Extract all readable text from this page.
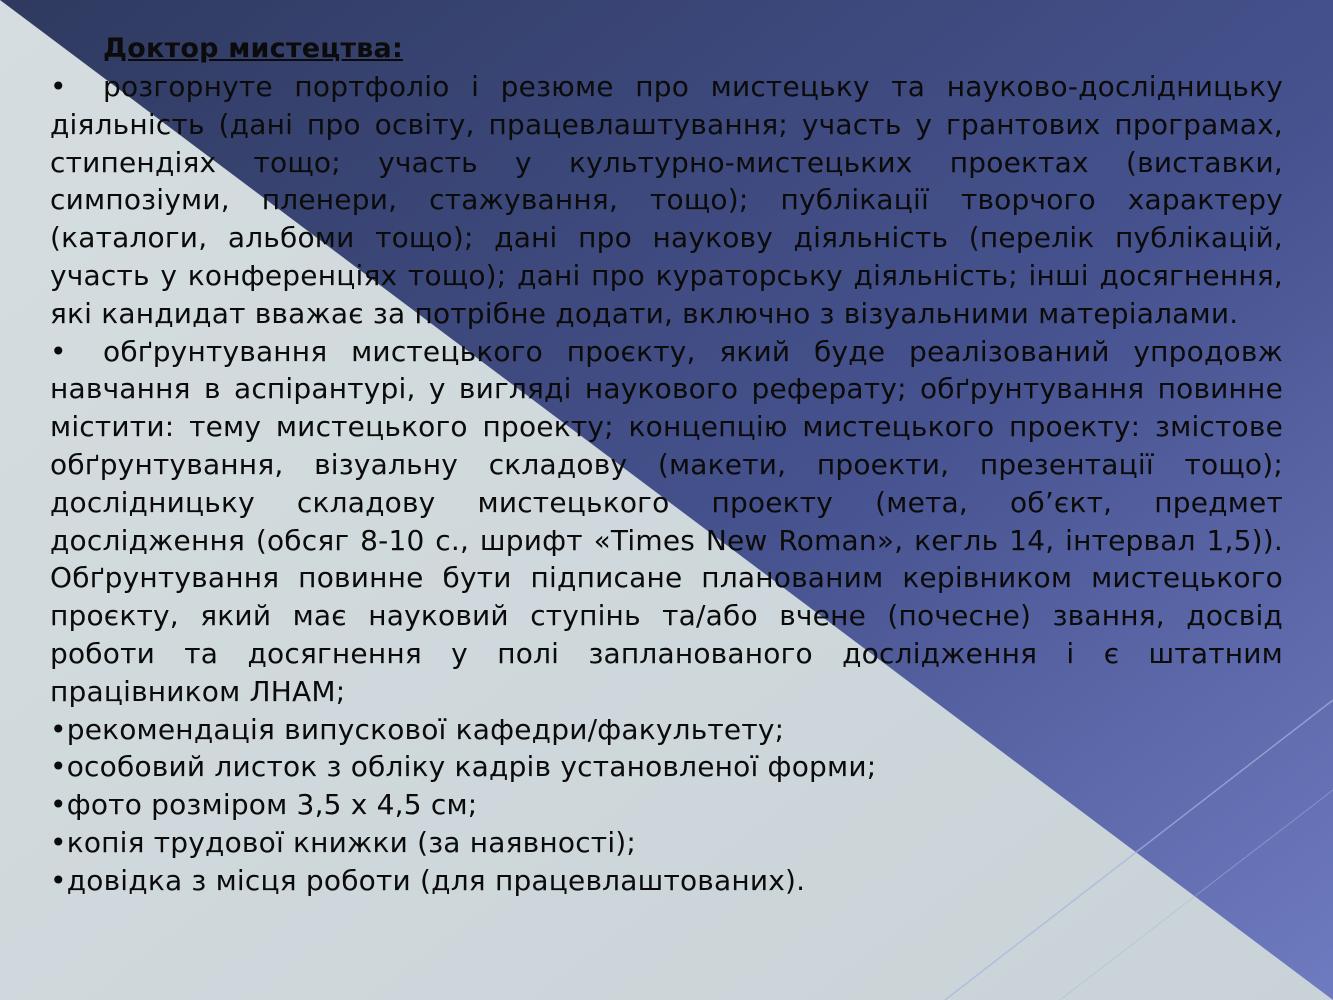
Доктор мистецтва:

• розгорнуте портфоліо і резюме про мистецьку та науково-дослідницьку діяльність (дані про освіту, працевлаштування; участь у грантових програмах, стипендіях тощо; участь у культурно-мистецьких проектах (виставки, симпозіуми, пленери, стажування, тощо); публікації творчого характеру (каталоги, альбоми тощо); дані про наукову діяльність (перелік публікацій, участь у конференціях тощо); дані про кураторську діяльність; інші досягнення, які кандидат вважає за потрібне додати, включно з візуальними матеріалами.

• обґрунтування мистецького проєкту, який буде реалізований упродовж навчання в аспірантурі, у вигляді наукового реферату; обґрунтування повинне містити: тему мистецького проекту; концепцію мистецького проекту: змістове обґрунтування, візуальну складову (макети, проекти, презентації тощо); дослідницьку складову мистецького проекту (мета, об’єкт, предмет дослідження (обсяг 8-10 с., шрифт «Times New Roman», кегль 14, інтервал 1,5)). Обґрунтування повинне бути підписане планованим керівником мистецького проєкту, який має науковий ступінь та/або вчене (почесне) звання, досвід роботи та досягнення у полі запланованого дослідження і є штатним працівником ЛНАМ;

•рекомендація випускової кафедри/факультету;

•особовий листок з обліку кадрів установленої форми;

•фото розміром 3,5 х 4,5 см;

•копія трудової книжки (за наявності);

•довідка з місця роботи (для працевлаштованих).
